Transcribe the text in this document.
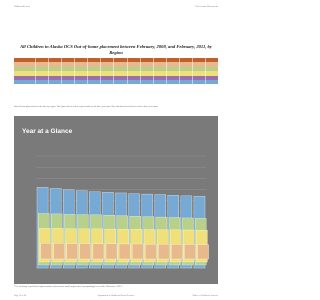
Hidden title text	Out of state Placements
All Children in Alaska OCS Out-of-home placement between February, 2008, and February, 2011, by Region
Out-of-home placements for the state by region. The figures below reflect region totals for the three-year span. Note that data shown below reflect a three-year span.
Year at a Glance
*The Anchorage region has the highest number of placements; smaller regions show correspondingly lower totals. Data source: ORCA.
Page 12 of 24	Department of Health and Social Services	Office of Children's Services
